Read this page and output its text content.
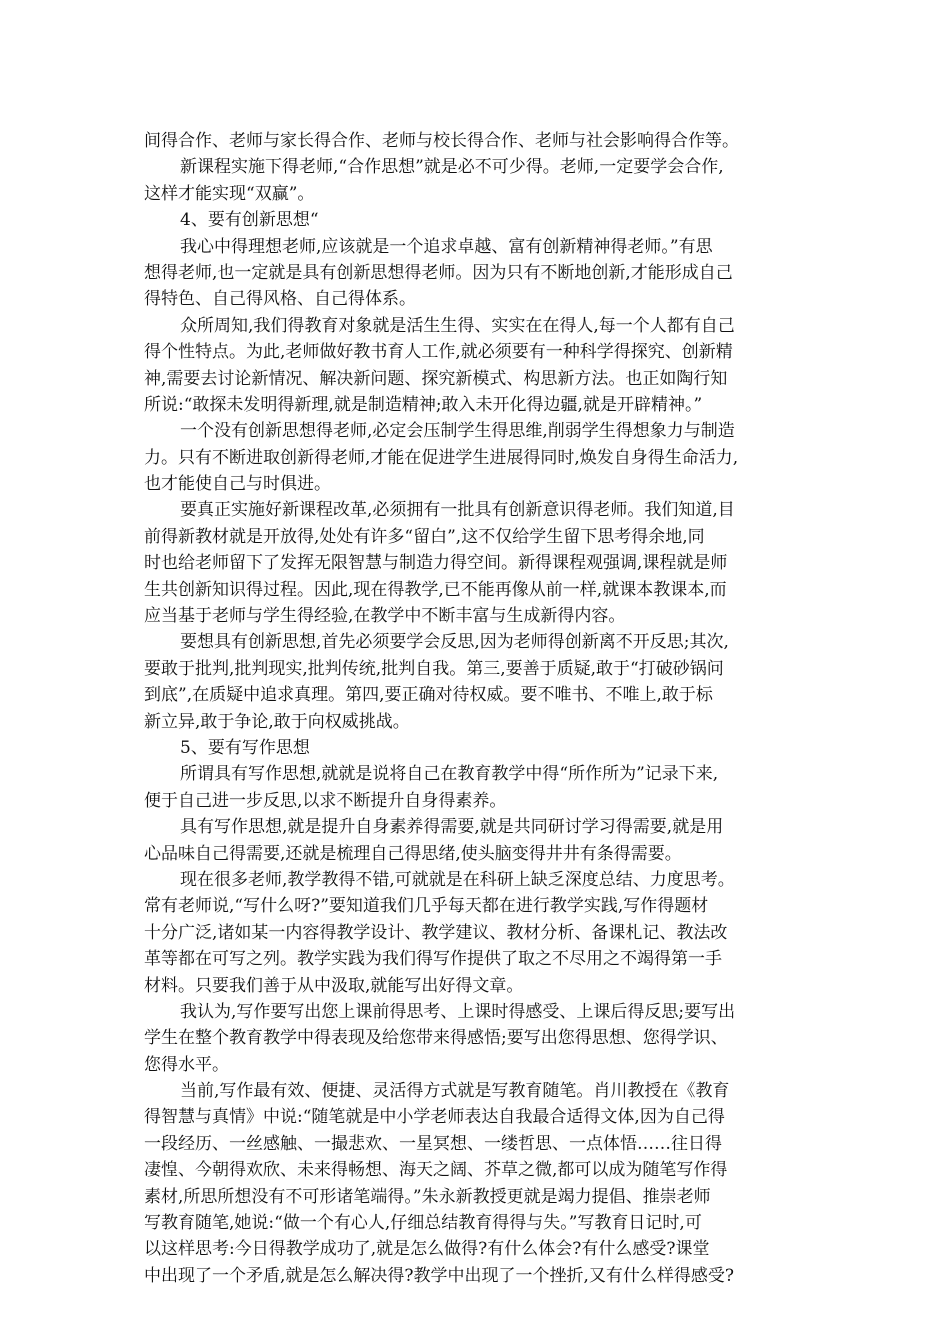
间得合作、老师与家长得合作、老师与校长得合作、老师与社会影响得合作等。
新课程实施下得老师,“合作思想”就是必不可少得。老师,一定要学会合作,
这样才能实现“双赢”。
4、要有创新思想“
我心中得理想老师,应该就是一个追求卓越、富有创新精神得老师。”有思
想得老师,也一定就是具有创新思想得老师。因为只有不断地创新,才能形成自己
得特色、自己得风格、自己得体系。
众所周知,我们得教育对象就是活生生得、实实在在得人,每一个人都有自己
得个性特点。为此,老师做好教书育人工作,就必须要有一种科学得探究、创新精
神,需要去讨论新情况、解决新问题、探究新模式、构思新方法。也正如陶行知
所说:“敢探未发明得新理,就是制造精神;敢入未开化得边疆,就是开辟精神。”
一个没有创新思想得老师,必定会压制学生得思维,削弱学生得想象力与制造
力。只有不断进取创新得老师,才能在促进学生进展得同时,焕发自身得生命活力,
也才能使自己与时俱进。
要真正实施好新课程改革,必须拥有一批具有创新意识得老师。我们知道,目
前得新教材就是开放得,处处有许多“留白”,这不仅给学生留下思考得余地,同
时也给老师留下了发挥无限智慧与制造力得空间。新得课程观强调,课程就是师
生共创新知识得过程。因此,现在得教学,已不能再像从前一样,就课本教课本,而
应当基于老师与学生得经验,在教学中不断丰富与生成新得内容。
要想具有创新思想,首先必须要学会反思,因为老师得创新离不开反思;其次,
要敢于批判,批判现实,批判传统,批判自我。第三,要善于质疑,敢于“打破砂锅问
到底”,在质疑中追求真理。第四,要正确对待权威。要不唯书、不唯上,敢于标
新立异,敢于争论,敢于向权威挑战。
5、要有写作思想
所谓具有写作思想,就就是说将自己在教育教学中得“所作所为”记录下来,
便于自己进一步反思,以求不断提升自身得素养。
具有写作思想,就是提升自身素养得需要,就是共同研讨学习得需要,就是用
心品味自己得需要,还就是梳理自己得思绪,使头脑变得井井有条得需要。
现在很多老师,教学教得不错,可就就是在科研上缺乏深度总结、力度思考。
常有老师说,“写什么呀?”要知道我们几乎每天都在进行教学实践,写作得题材
十分广泛,诸如某一内容得教学设计、教学建议、教材分析、备课札记、教法改
革等都在可写之列。教学实践为我们得写作提供了取之不尽用之不竭得第一手
材料。只要我们善于从中汲取,就能写出好得文章。
我认为,写作要写出您上课前得思考、上课时得感受、上课后得反思;要写出
学生在整个教育教学中得表现及给您带来得感悟;要写出您得思想、您得学识、
您得水平。
当前,写作最有效、便捷、灵活得方式就是写教育随笔。肖川教授在《教育
得智慧与真情》中说:“随笔就是中小学老师表达自我最合适得文体,因为自己得
一段经历、一丝感触、一撮悲欢、一星冥想、一缕哲思、一点体悟……往日得
凄惶、今朝得欢欣、未来得畅想、海天之阔、芥草之微,都可以成为随笔写作得
素材,所思所想没有不可形诸笔端得。”朱永新教授更就是竭力提倡、推崇老师
写教育随笔,她说:“做一个有心人,仔细总结教育得得与失。”写教育日记时,可
以这样思考:今日得教学成功了,就是怎么做得?有什么体会?有什么感受?课堂
中出现了一个矛盾,就是怎么解决得?教学中出现了一个挫折,又有什么样得感受?
